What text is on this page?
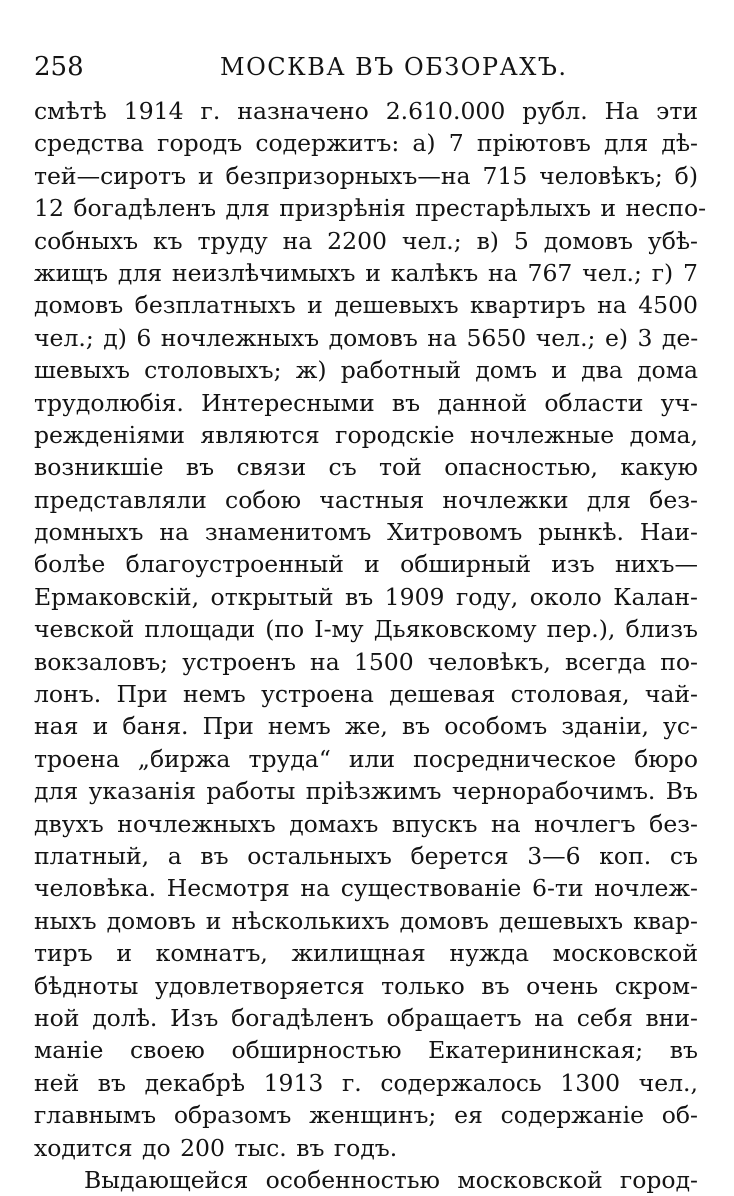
258	МОСКВА ВЪ ОБЗОРАХЪ.
смѣтѣ 1914 г. назначено 2.610.000 рубл. На эти
средства городъ содержитъ: а) 7 пріютовъ для дѣ-
тей—сиротъ и безпризорныхъ—на 715 человѣкъ; б)
12 богадѣленъ для призрѣнія престарѣлыхъ и неспо-
собныхъ къ труду на 2200 чел.; в) 5 домовъ убѣ-
жищъ для неизлѣчимыхъ и калѣкъ на 767 чел.; г) 7
домовъ безплатныхъ и дешевыхъ квартиръ на 4500
чел.; д) 6 ночлежныхъ домовъ на 5650 чел.; е) 3 де-
шевыхъ столовыхъ; ж) работный домъ и два дома
трудолюбія. Интересными въ данной области уч-
режденіями являются городскіе ночлежные дома,
возникшіе въ связи съ той опасностью, какую
представляли собою частныя ночлежки для без-
домныхъ на знаменитомъ Хитровомъ рынкѣ. Наи-
болѣе благоустроенный и обширный изъ нихъ—
Ермаковскій, открытый въ 1909 году, около Калан-
чевской площади (по І-му Дьяковскому пер.), близъ
вокзаловъ; устроенъ на 1500 человѣкъ, всегда по-
лонъ. При немъ устроена дешевая столовая, чай-
ная и баня. При немъ же, въ особомъ зданіи, ус-
троена „биржа труда“ или посредническое бюро
для указанія работы пріѣзжимъ чернорабочимъ. Въ
двухъ ночлежныхъ домахъ впускъ на ночлегъ без-
платный, а въ остальныхъ берется 3—6 коп. съ
человѣка. Несмотря на существованіе 6-ти ночлеж-
ныхъ домовъ и нѣсколькихъ домовъ дешевыхъ квар-
тиръ и комнатъ, жилищная нужда московской
бѣдноты удовлетворяется только въ очень скром-
ной долѣ. Изъ богадѣленъ обращаетъ на себя вни-
маніе своею обширностью Екатерининская; въ
ней въ декабрѣ 1913 г. содержалось 1300 чел.,
главнымъ образомъ женщинъ; ея содержаніе об-
ходится до 200 тыс. въ годъ.
Выдающейся особенностью московской город-
